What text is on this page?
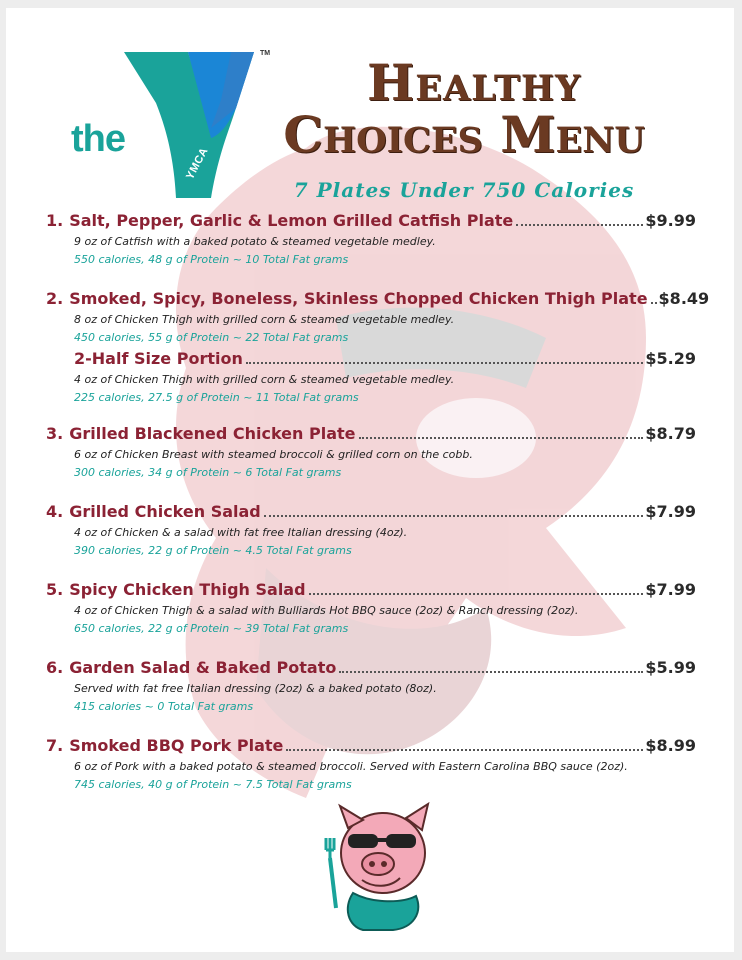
the
TM
YMCA
Healthy
Choices Menu
7 Plates Under 750 Calories
1. Salt, Pepper, Garlic & Lemon Grilled Catfish Plate	$9.99
9 oz of Catfish with a baked potato & steamed vegetable medley.
550 calories, 48 g of Protein ~ 10 Total Fat grams
2. Smoked, Spicy, Boneless, Skinless Chopped Chicken Thigh Plate $8.49
8 oz of Chicken Thigh with grilled corn & steamed vegetable medley.
450 calories, 55 g of Protein ~ 22 Total Fat grams
2-Half Size Portion	$5.29
4 oz of Chicken Thigh with grilled corn & steamed vegetable medley.
225 calories, 27.5 g of Protein ~ 11 Total Fat grams
3. Grilled Blackened Chicken Plate	$8.79
6 oz of Chicken Breast with steamed broccoli & grilled corn on the cobb.
300 calories, 34 g of Protein ~ 6 Total Fat grams
4. Grilled Chicken Salad	$7.99
4 oz of Chicken & a salad with fat free Italian dressing (4oz).
390 calories, 22 g of Protein ~ 4.5 Total Fat grams
5. Spicy Chicken Thigh Salad	$7.99
4 oz of Chicken Thigh & a salad with Bulliards Hot BBQ sauce (2oz) & Ranch dressing (2oz).
650 calories, 22 g of Protein ~ 39 Total Fat grams
6. Garden Salad & Baked Potato	$5.99
Served with fat free Italian dressing (2oz) & a baked potato (8oz).
415 calories ~ 0 Total Fat grams
7. Smoked BBQ Pork Plate	$8.99
6 oz of Pork with a baked potato & steamed broccoli. Served with Eastern Carolina BBQ sauce (2oz).
745 calories, 40 g of Protein ~ 7.5 Total Fat grams
